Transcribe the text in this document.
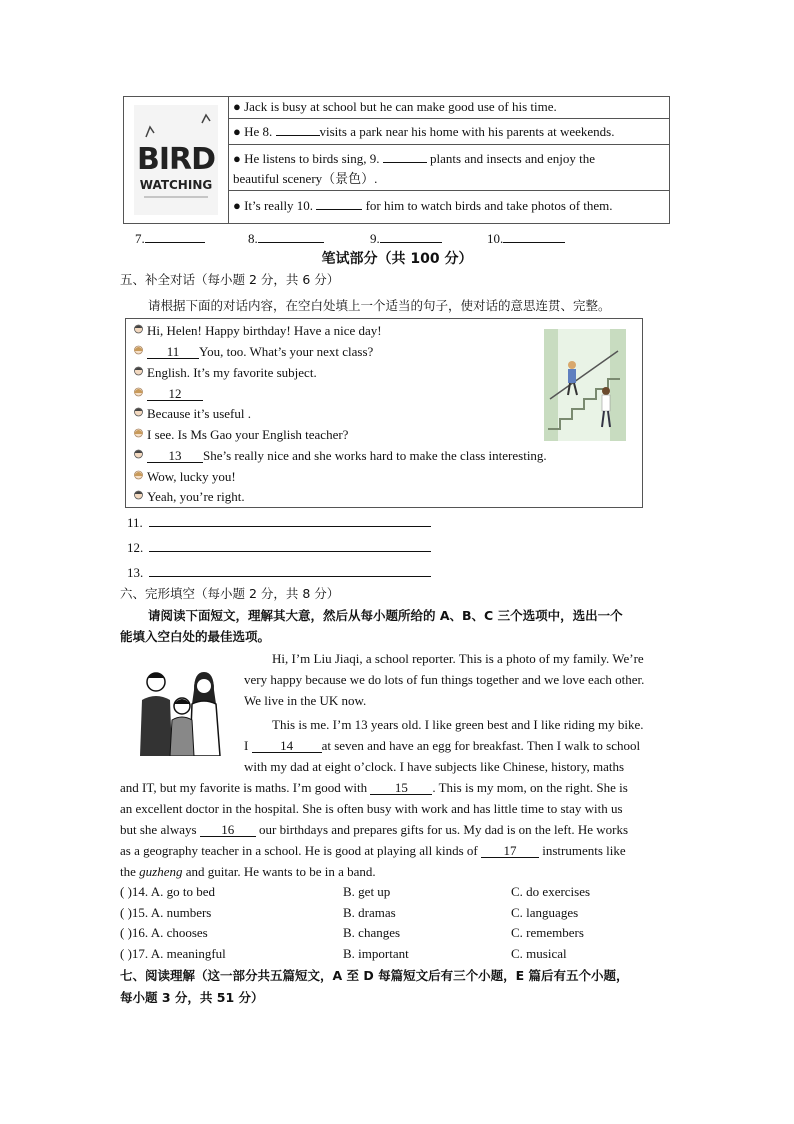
BIRD
WATCHING
● Jack is busy at school but he can make good use of his time.
● He 8.	visits a park near his home with his parents at weekends.
● He listens to birds sing, 9.	plants and insects and enjoy the
beautiful scenery（景色）.
● It’s really 10.	for him to watch birds and take photos of them.
7.	8.	9.	10.
笔试部分（共 100 分）
五、补全对话（每小题 2 分，共 6 分）
请根据下面的对话内容，在空白处填上一个适当的句子，使对话的意思连贯、完整。
Hi, Helen! Happy birthday! Have a nice day!
11 You, too. What’s your next class?
English. It’s my favorite subject.
12
Because it’s useful .
I see. Is Ms Gao your English teacher?
13 She’s really nice and she works hard to make the class interesting.
Wow, lucky you!
Yeah, you’re right.
11.
12.
13.
六、完形填空（每小题 2 分，共 8 分）
请阅读下面短文，理解其大意，然后从每小题所给的 A、B、C 三个选项中，选出一个
能填入空白处的最佳选项。
Hi, I’m Liu Jiaqi, a school reporter. This is a photo of my family. We’re
very happy because we do lots of fun things together and we love each other.
We live in the UK now.
This is me. I’m 13 years old. I like green best and I like riding my bike.
I 14 at seven and have an egg for breakfast. Then I walk to school
with my dad at eight o’clock. I have subjects like Chinese, history, maths
and IT, but my favorite is maths. I’m good with 15 . This is my mom, on the right. She is
an excellent doctor in the hospital. She is often busy with work and has little time to stay with us
but she always 16 our birthdays and prepares gifts for us. My dad is on the left. He works
as a geography teacher in a school. He is good at playing all kinds of 17 instruments like
the guzheng and guitar. He wants to be in a band.
( )14. A. go to bed	B. get up	C. do exercises
( )15. A. numbers	B. dramas	C. languages
( )16. A. chooses	B. changes	C. remembers
( )17. A. meaningful	B. important	C. musical
七、阅读理解（这一部分共五篇短文，A 至 D 每篇短文后有三个小题，E 篇后有五个小题，
每小题 3 分，共 51 分）
